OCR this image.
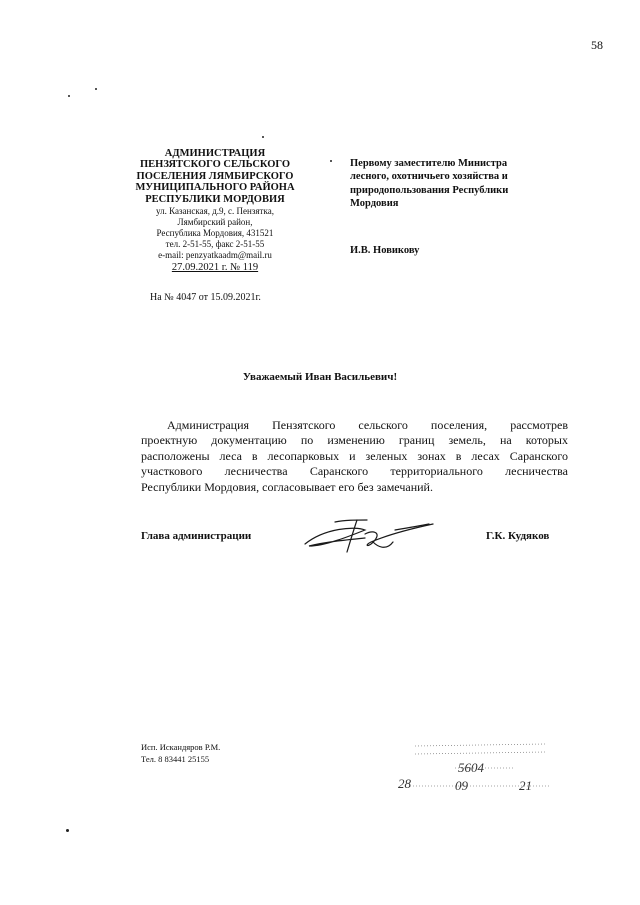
58
АДМИНИСТРАЦИЯ
ПЕНЗЯТСКОГО СЕЛЬСКОГО
ПОСЕЛЕНИЯ ЛЯМБИРСКОГО
МУНИЦИПАЛЬНОГО РАЙОНА
РЕСПУБЛИКИ МОРДОВИЯ
ул. Казанская, д.9, с. Пензятка,
Лямбирский район,
Республика Мордовия, 431521
тел. 2-51-55, факс 2-51-55
e-mail: penzyatkaadm@mail.ru
27.09.2021 г. № 119
На № 4047 от 15.09.2021г.
Первому заместителю Министра
лесного, охотничьего хозяйства и
природопользования Республики
Мордовия
И.В. Новикову
Уважаемый Иван Васильевич!
Администрация Пензятского сельского поселения, рассмотрев
проектную документацию по изменению границ земель, на которых
расположены леса в лесопарковых и зеленых зонах в лесах Саранского
участкового лесничества Саранского территориального лесничества
Республики Мордовия, согласовывает его без замечаний.
Глава администрации	Г.К. Кудяков
Исп. Искандяров Р.М.
Тел. 8 83441 25155
5604
28	09	21
